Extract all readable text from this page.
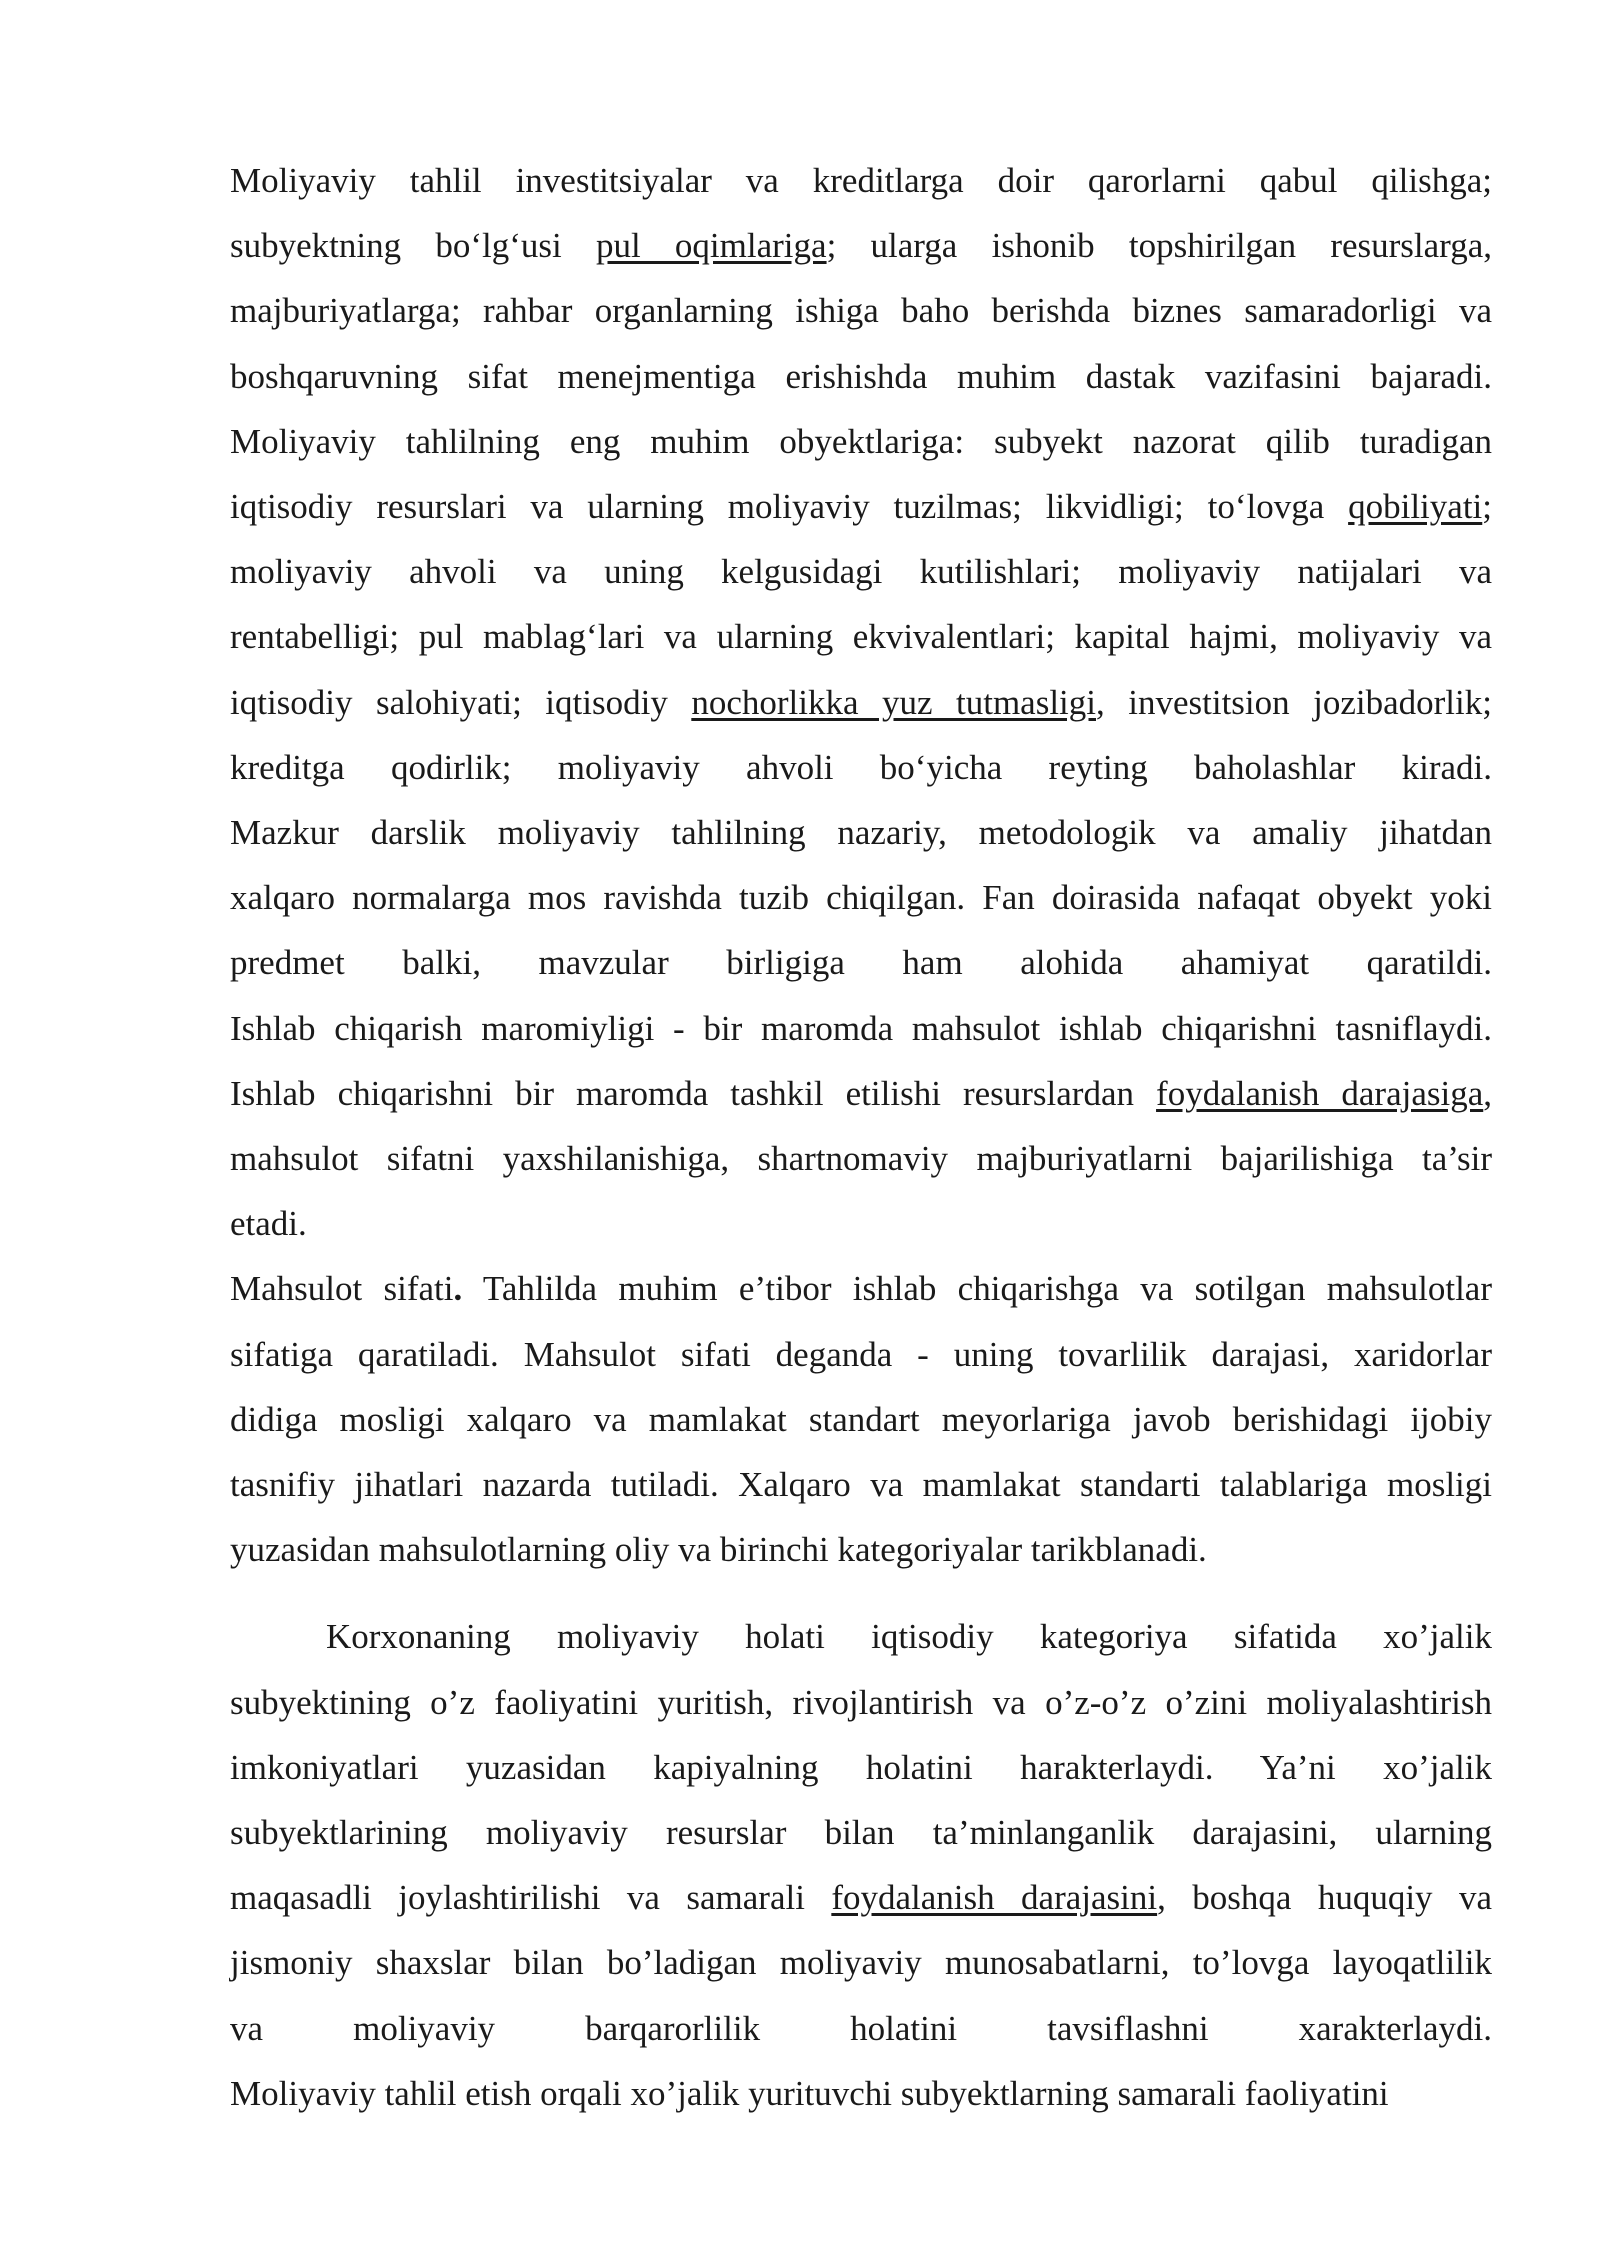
Moliyaviy tahlil investitsiyalar va kreditlarga doir qarorlarni qabul qilishga;
subyektning bo‘lg‘usi pul oqimlariga; ularga ishonib topshirilgan resurslarga,
majburiyatlarga; rahbar organlarning ishiga baho berishda biznes samaradorligi va
boshqaruvning sifat menejmentiga erishishda muhim dastak vazifasini bajaradi.
Moliyaviy tahlilning eng muhim obyektlariga: subyekt nazorat qilib turadigan
iqtisodiy resurslari va ularning moliyaviy tuzilmas; likvidligi; to‘lovga qobiliyati;
moliyaviy ahvoli va uning kelgusidagi kutilishlari; moliyaviy natijalari va
rentabelligi; pul mablag‘lari va ularning ekvivalentlari; kapital hajmi, moliyaviy va
iqtisodiy salohiyati; iqtisodiy nochorlikka yuz tutmasligi, investitsion jozibadorlik;
kreditga qodirlik; moliyaviy ahvoli bo‘yicha reyting baholashlar kiradi.
Mazkur darslik moliyaviy tahlilning nazariy, metodologik va amaliy jihatdan
xalqaro normalarga mos ravishda tuzib chiqilgan. Fan doirasida nafaqat obyekt yoki
predmet balki, mavzular birligiga ham alohida ahamiyat qaratildi.
Ishlab chiqarish maromiyligi - bir maromda mahsulot ishlab chiqarishni tasniflaydi.
Ishlab chiqarishni bir maromda tashkil etilishi resurslardan foydalanish darajasiga,
mahsulot sifatni yaxshilanishiga, shartnomaviy majburiyatlarni bajarilishiga ta’sir
etadi.

Mahsulot sifati. Tahlilda muhim e’tibor ishlab chiqarishga va sotilgan mahsulotlar
sifatiga qaratiladi. Mahsulot sifati deganda - uning tovarlilik darajasi, xaridorlar
didiga mosligi xalqaro va mamlakat standart meyorlariga javob berishidagi ijobiy
tasnifiy jihatlari nazarda tutiladi. Xalqaro va mamlakat standarti talablariga mosligi
yuzasidan mahsulotlarning oliy va birinchi kategoriyalar tarikblanadi.

Korxonaning moliyaviy holati iqtisodiy kategoriya sifatida xo’jalik
subyektining o’z faoliyatini yuritish, rivojlantirish va o’z-o’z o’zini moliyalashtirish
imkoniyatlari yuzasidan kapiyalning holatini harakterlaydi. Ya’ni xo’jalik
subyektlarining moliyaviy resurslar bilan ta’minlanganlik darajasini, ularning
maqasadli joylashtirilishi va samarali foydalanish darajasini, boshqa huquqiy va
jismoniy shaxslar bilan bo’ladigan moliyaviy munosabatlarni, to’lovga layoqatlilik
va moliyaviy barqarorlilik holatini tavsiflashni xarakterlaydi.
Moliyaviy tahlil etish orqali xo’jalik yurituvchi subyektlarning samarali faoliyatini
